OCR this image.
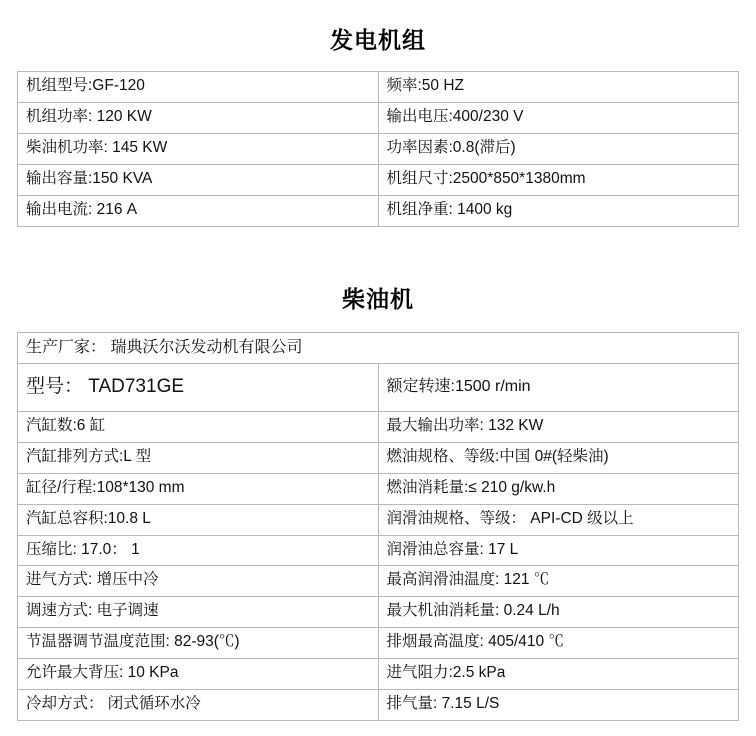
发电机组
机组型号:GF-120	频率:50 HZ
机组功率: 120 KW	输出电压:400/230 V
柴油机功率: 145 KW	功率因素:0.8(滞后)
输出容量:150 KVA	机组尺寸:2500*850*1380mm
输出电流: 216 A	机组净重: 1400 kg
柴油机
生产厂家： 瑞典沃尔沃发动机有限公司	
型号： TAD731GE	额定转速:1500 r/min
汽缸数:6 缸	最大输出功率: 132 KW
汽缸排列方式:L 型	燃油规格、等级:中国 0#(轻柴油)
缸径/行程:108*130 mm	燃油消耗量:≤ 210 g/kw.h
汽缸总容积:10.8 L	润滑油规格、等级： API-CD 级以上
压缩比: 17.0： 1	润滑油总容量: 17 L
进气方式: 增压中冷	最高润滑油温度: 121 ℃
调速方式: 电子调速	最大机油消耗量: 0.24 L/h
节温器调节温度范围: 82-93(℃)	排烟最高温度: 405/410 ℃
允许最大背压: 10 KPa	进气阻力:2.5 kPa
冷却方式： 闭式循环水冷	排气量: 7.15 L/S
